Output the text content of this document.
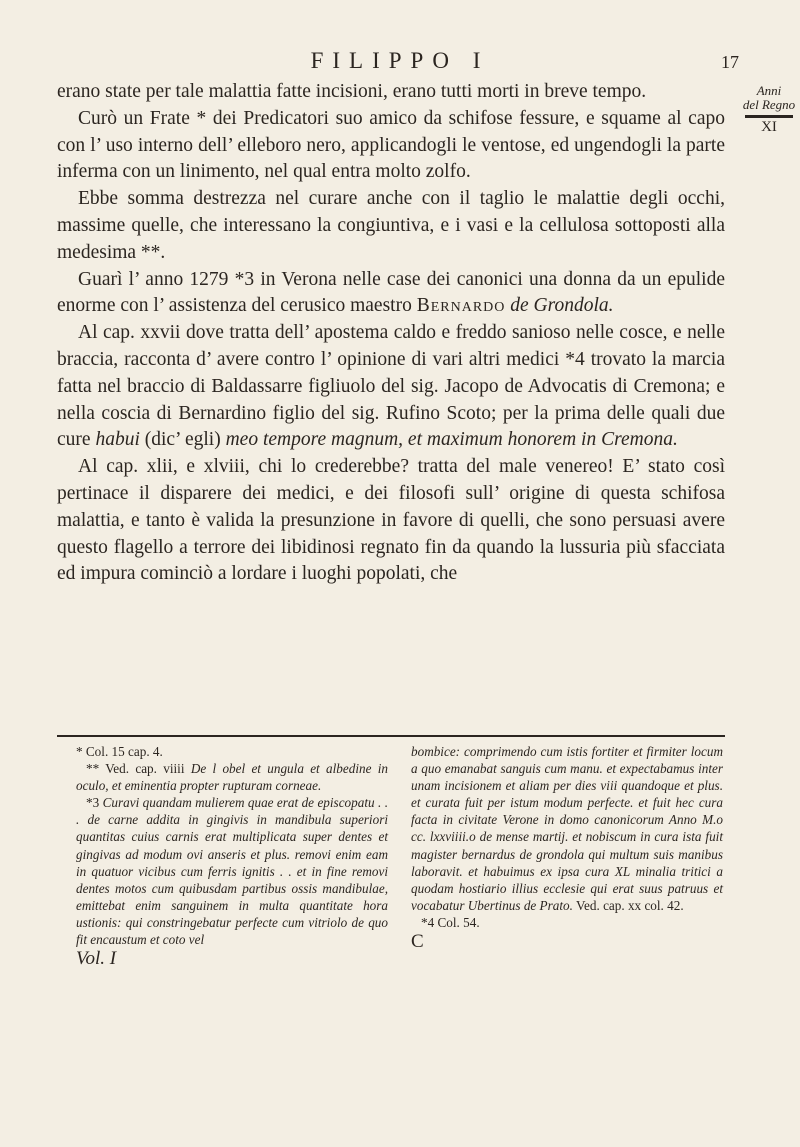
FILIPPO I	17
Anni
del Regno
XI

erano state per tale malattia fatte incisioni, erano tutti morti in breve tempo.

Curò un Frate * dei Predicatori suo amico da schifose fessure, e squame al capo con l’ uso interno dell’ elleboro nero, applicandogli le ventose, ed ungendogli la parte inferma con un linimento, nel qual entra molto zolfo.

Ebbe somma destrezza nel curare anche con il taglio le malattie degli occhi, massime quelle, che interessano la congiuntiva, e i vasi e la cellulosa sottoposti alla medesima **.

Guarì l’ anno 1279 *3 in Verona nelle case dei canonici una donna da un epulide enorme con l’ assistenza del cerusico maestro Bernardo de Grondola.

Al cap. xxvii dove tratta dell’ apostema caldo e freddo sanioso nelle cosce, e nelle braccia, racconta d’ avere contro l’ opinione di vari altri medici *4 trovato la marcia fatta nel braccio di Baldassarre figliuolo del sig. Jacopo de Advocatis di Cremona; e nella coscia di Bernardino figlio del sig. Rufino Scoto; per la prima delle quali due cure habui (dic’ egli) meo tempore magnum, et maximum honorem in Cremona.

Al cap. xlii, e xlviii, chi lo crederebbe? tratta del male venereo! E’ stato così pertinace il disparere dei medici, e dei filosofi sull’ origine di questa schifosa malattia, e tanto è valida la presunzione in favore di quelli, che sono persuasi avere questo flagello a terrore dei libidinosi regnato fin da quando la lussuria più sfacciata ed impura cominciò a lordare i luoghi popolati, che

* Col. 15 cap. 4.

** Ved. cap. viiii De l obel et ungula et albedine in oculo, et eminentia propter rupturam corneae.

*3 Curavi quandam mulierem quae erat de episcopatu . . . de carne addita in gingivis in mandibula superiori quantitas cuius carnis erat multiplicata super dentes et gingivas ad modum ovi anseris et plus. removi enim eam in quatuor vicibus cum ferris ignitis . . et in fine removi dentes motos cum quibusdam partibus ossis mandibulae, emittebat enim sanguinem in multa quantitate hora ustionis: qui constringebatur perfecte cum vitriolo de quo fit encaustum et coto vel

Vol. I

bombice: comprimendo cum istis fortiter et firmiter locum a quo emanabat sanguis cum manu. et expectabamus inter unam incisionem et aliam per dies viii quandoque et plus. et curata fuit per istum modum perfecte. et fuit hec cura facta in civitate Verone in domo canonicorum Anno M.o cc. lxxviiii.o de mense martij. et nobiscum in cura ista fuit magister bernardus de grondola qui multum suis manibus laboravit. et habuimus ex ipsa cura XL minalia tritici a quodam hostiario illius ecclesie qui erat suus patruus et vocabatur Ubertinus de Prato. Ved. cap. xx col. 42.

*4 Col. 54.

C
